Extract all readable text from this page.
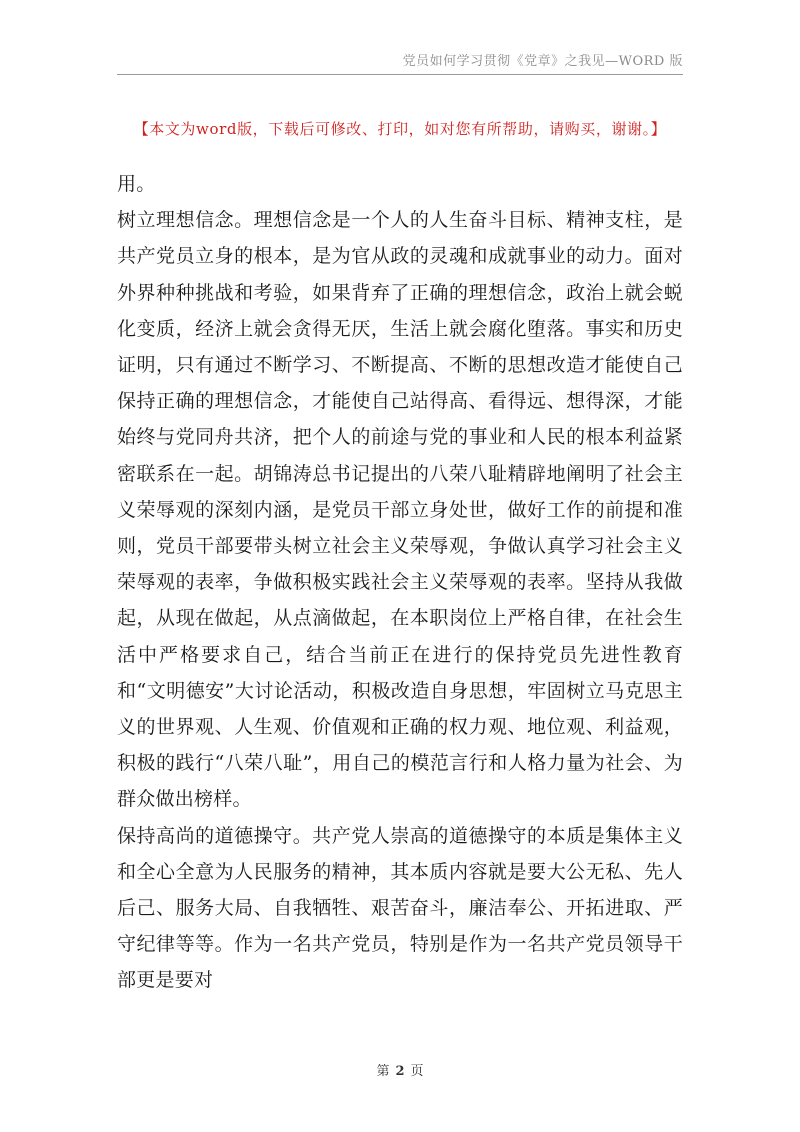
党员如何学习贯彻《党章》之我见—WORD 版
【本文为word版，下载后可修改、打印，如对您有所帮助，请购买，谢谢。】

用。

树立理想信念。理想信念是一个人的人生奋斗目标、精神支柱，是共产党员立身的根本，是为官从政的灵魂和成就事业的动力。面对外界种种挑战和考验，如果背弃了正确的理想信念，政治上就会蜕化变质，经济上就会贪得无厌，生活上就会腐化堕落。事实和历史证明，只有通过不断学习、不断提高、不断的思想改造才能使自己保持正确的理想信念，才能使自己站得高、看得远、想得深，才能始终与党同舟共济，把个人的前途与党的事业和人民的根本利益紧密联系在一起。胡锦涛总书记提出的八荣八耻精辟地阐明了社会主义荣辱观的深刻内涵，是党员干部立身处世，做好工作的前提和准则，党员干部要带头树立社会主义荣辱观，争做认真学习社会主义荣辱观的表率，争做积极实践社会主义荣辱观的表率。坚持从我做起，从现在做起，从点滴做起，在本职岗位上严格自律，在社会生活中严格要求自己，结合当前正在进行的保持党员先进性教育和“文明德安”大讨论活动，积极改造自身思想，牢固树立马克思主义的世界观、人生观、价值观和正确的权力观、地位观、利益观，积极的践行“八荣八耻”，用自己的模范言行和人格力量为社会、为群众做出榜样。

保持高尚的道德操守。共产党人崇高的道德操守的本质是集体主义和全心全意为人民服务的精神，其本质内容就是要大公无私、先人后己、服务大局、自我牺牲、艰苦奋斗，廉洁奉公、开拓进取、严守纪律等等。作为一名共产党员，特别是作为一名共产党员领导干部更是要对

第 2 页
